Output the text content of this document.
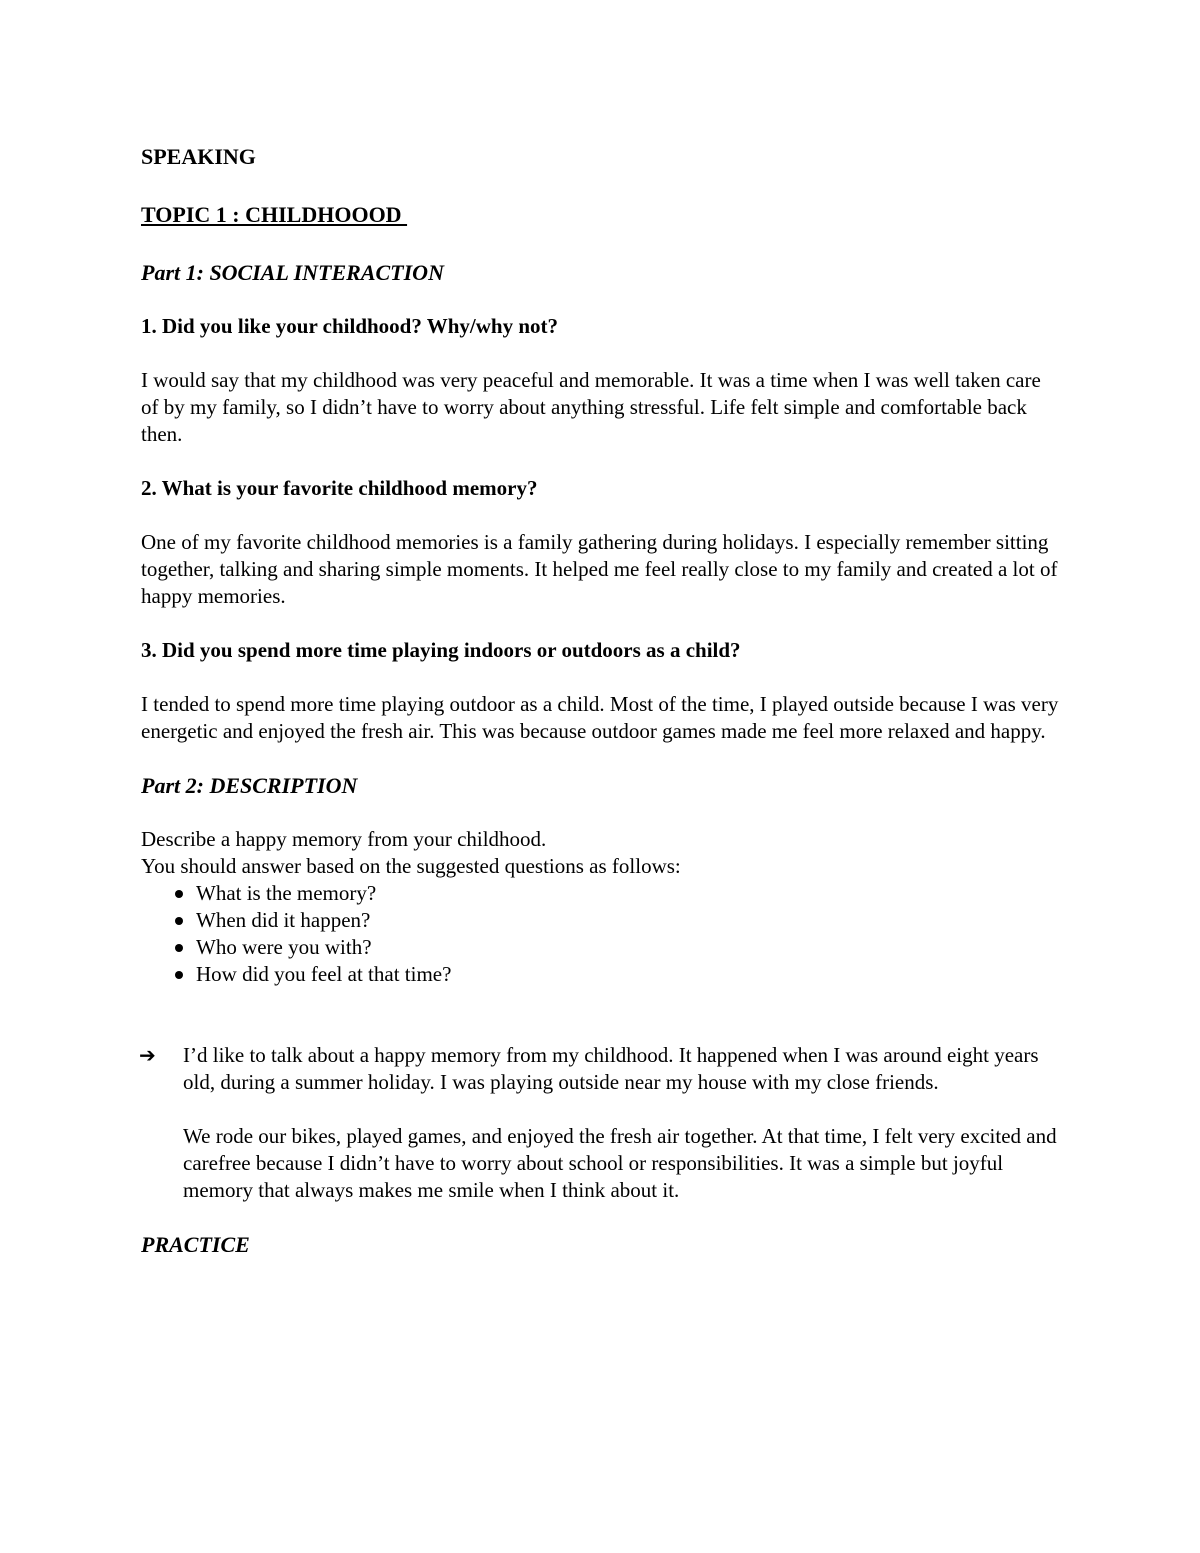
SPEAKING

TOPIC 1 : CHILDHOOOD

Part 1: SOCIAL INTERACTION

1. Did you like your childhood? Why/why not?

I would say that my childhood was very peaceful and memorable. It was a time when I was well taken care of by my family, so I didn’t have to worry about anything stressful. Life felt simple and comfortable back then.

2. What is your favorite childhood memory?

One of my favorite childhood memories is a family gathering during holidays. I especially remember sitting together, talking and sharing simple moments. It helped me feel really close to my family and created a lot of happy memories.

3. Did you spend more time playing indoors or outdoors as a child?

I tended to spend more time playing outdoor as a child. Most of the time, I played outside because I was very energetic and enjoyed the fresh air. This was because outdoor games made me feel more relaxed and happy.

Part 2: DESCRIPTION

Describe a happy memory from your childhood.

You should answer based on the suggested questions as follows:

What is the memory?
When did it happen?
Who were you with?
How did you feel at that time?
➔ I’d like to talk about a happy memory from my childhood. It happened when I was around eight years old, during a summer holiday. I was playing outside near my house with my close friends.

We rode our bikes, played games, and enjoyed the fresh air together. At that time, I felt very excited and carefree because I didn’t have to worry about school or responsibilities. It was a simple but joyful memory that always makes me smile when I think about it.

PRACTICE
